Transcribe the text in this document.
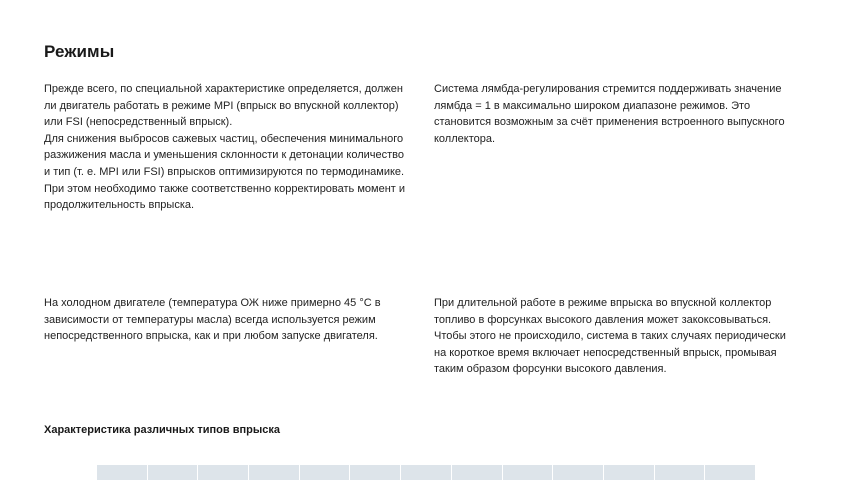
Режимы

Прежде всего, по специальной характеристике определяется, должен ли двигатель работать в режиме MPI (впрыск во впускной коллектор) или FSI (непосредственный впрыск).

Для снижения выбросов сажевых частиц, обеспечения минимального разжижения масла и уменьшения склонности к детонации количество и тип (т. е. MPI или FSI) впрысков оптимизируются по термодинамике. При этом необходимо также соответственно корректировать момент и продолжительность впрыска.

Система лямбда-регулирования стремится поддерживать значение лямбда = 1 в максимально широком диапазоне режимов. Это становится возможным за счёт применения встроенного выпускного коллектора.

На холодном двигателе (температура ОЖ ниже примерно 45 °C в зависимости от температуры масла) всегда используется режим непосредственного впрыска, как и при любом запуске двигателя.

При длительной работе в режиме впрыска во впускной коллектор топливо в форсунках высокого давления может закоксовываться. Чтобы этого не происходило, система в таких случаях периодически на короткое время включает непосредственный впрыск, промывая таким образом форсунки высокого давления.

Характеристика различных типов впрыска
